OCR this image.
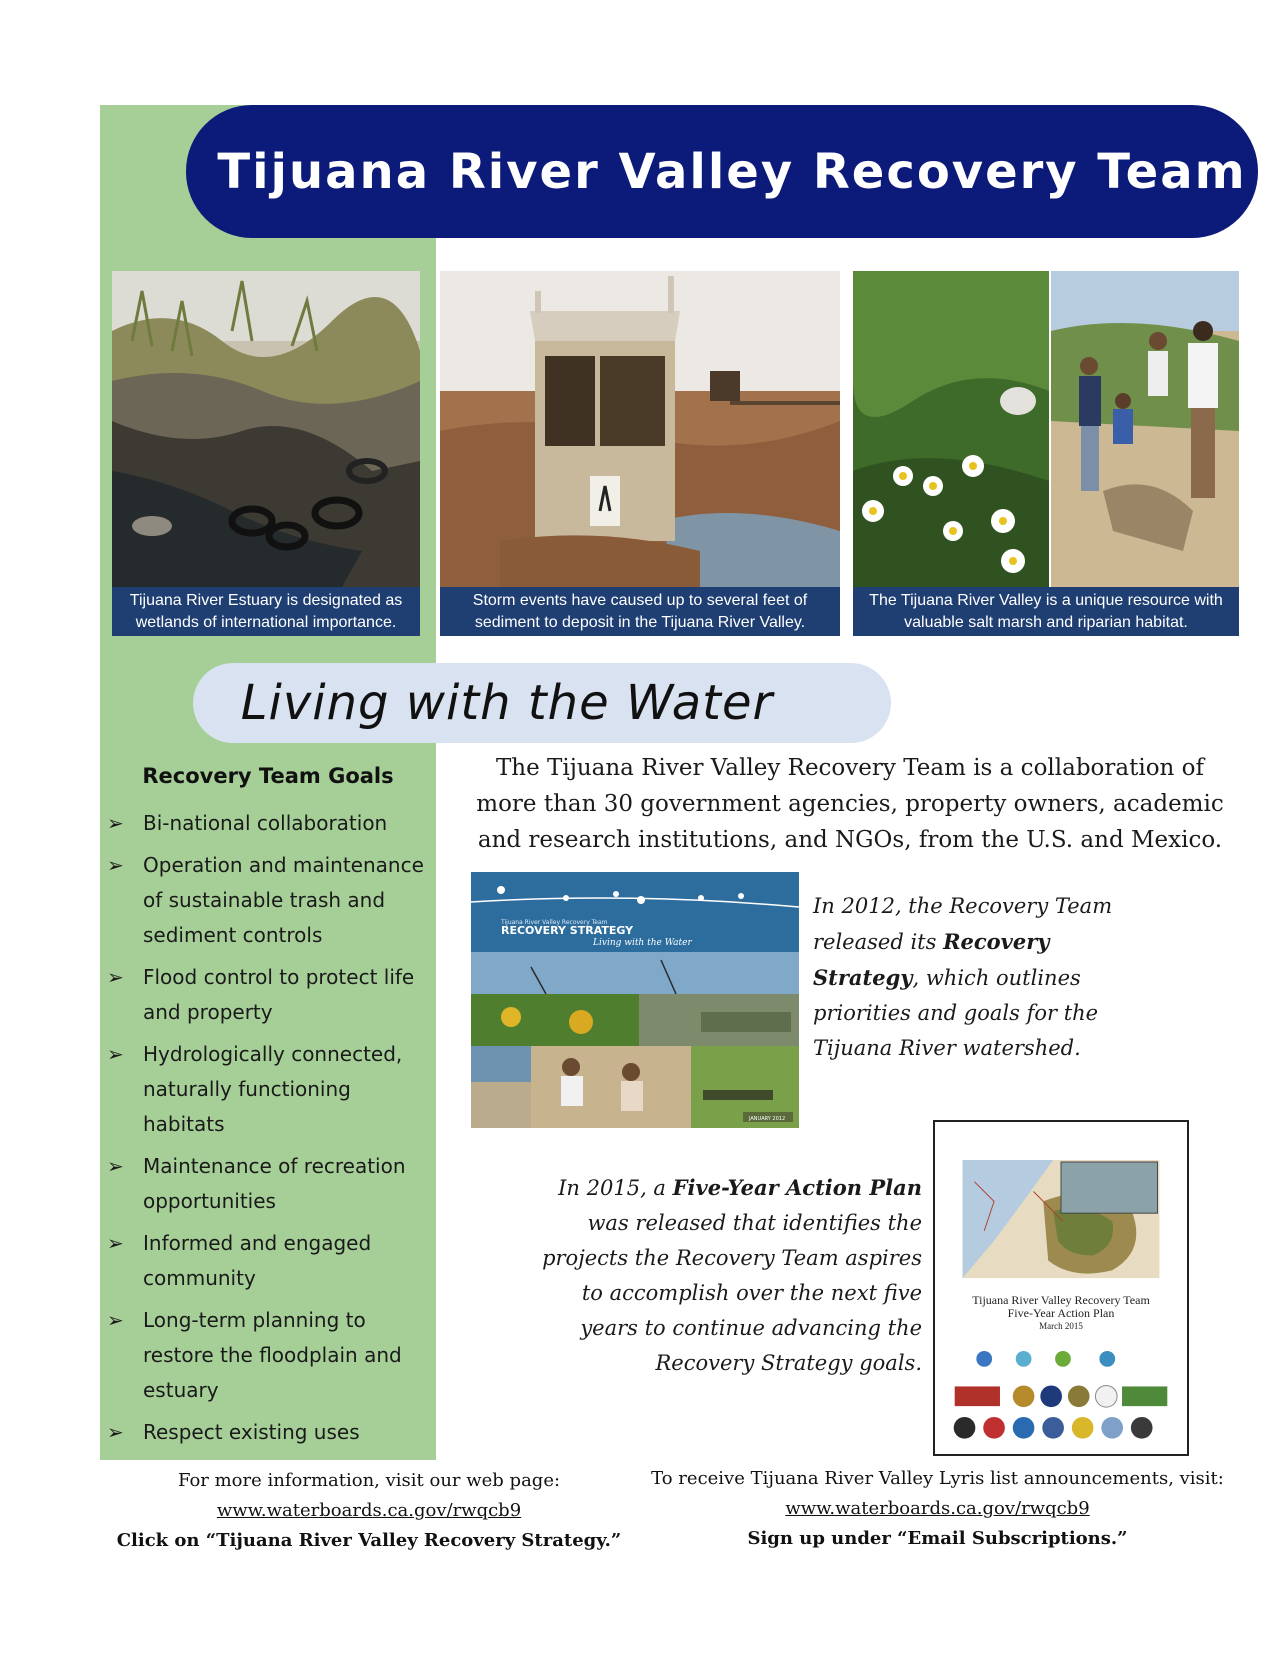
Tijuana River Valley Recovery Team
Tijuana River Estuary is designated as wetlands of international importance.
Storm events have caused up to several feet of sediment to deposit in the Tijuana River Valley.
The Tijuana River Valley is a unique resource with valuable salt marsh and riparian habitat.
Living with the Water
Recovery Team Goals
➢ Bi-national collaboration
➢ Operation and maintenance of sustainable trash and sediment controls
➢ Flood control to protect life and property
➢ Hydrologically connected, naturally functioning habitats
➢ Maintenance of recreation opportunities
➢ Informed and engaged community
➢ Long-term planning to restore the floodplain and estuary
➢ Respect existing uses
The Tijuana River Valley Recovery Team is a collaboration of more than 30 government agencies, property owners, academic and research institutions, and NGOs, from the U.S. and Mexico.
Tijuana River Valley Recovery Team
RECOVERY STRATEGY
Living with the Water
JANUARY 2012
In 2012, the Recovery Team released its Recovery Strategy, which outlines priorities and goals for the Tijuana River watershed.
In 2015, a Five-Year Action Plan was released that identifies the projects the Recovery Team aspires to accomplish over the next five years to continue advancing the Recovery Strategy goals.
Tijuana River Valley Recovery Team
Five-Year Action Plan
March 2015
For more information, visit our web page:
www.waterboards.ca.gov/rwqcb9
Click on “Tijuana River Valley Recovery Strategy.”
To receive Tijuana River Valley Lyris list announcements, visit:
www.waterboards.ca.gov/rwqcb9
Sign up under “Email Subscriptions.”
